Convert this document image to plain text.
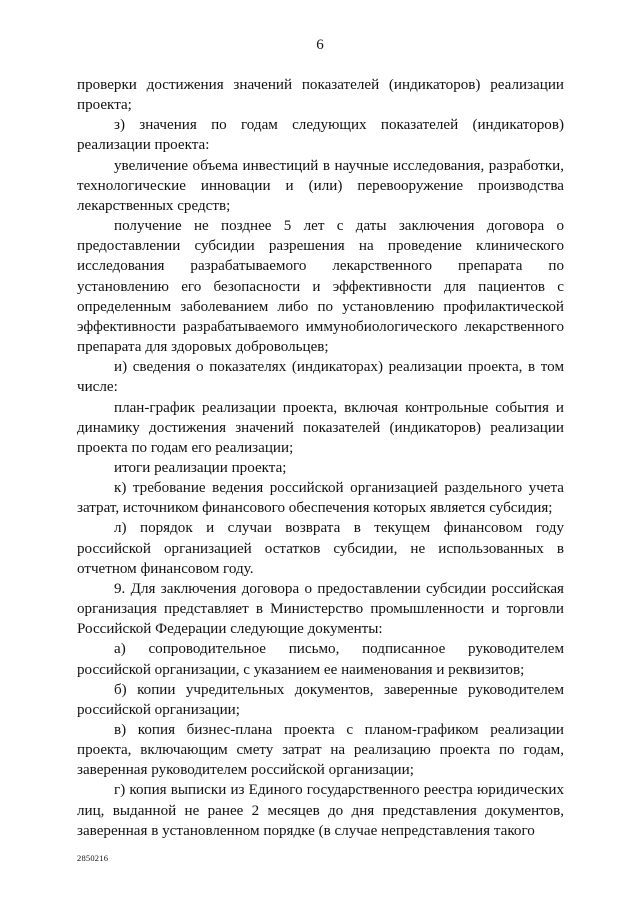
6

проверки достижения значений показателей (индикаторов) реализации проекта;

з) значения по годам следующих показателей (индикаторов) реализации проекта:

увеличение объема инвестиций в научные исследования, разработки, технологические инновации и (или) перевооружение производства лекарственных средств;

получение не позднее 5 лет с даты заключения договора о предоставлении субсидии разрешения на проведение клинического исследования разрабатываемого лекарственного препарата по установлению его безопасности и эффективности для пациентов с определенным заболеванием либо по установлению профилактической эффективности разрабатываемого иммунобиологического лекарственного препарата для здоровых добровольцев;

и) сведения о показателях (индикаторах) реализации проекта, в том числе:

план-график реализации проекта, включая контрольные события и динамику достижения значений показателей (индикаторов) реализации проекта по годам его реализации;

итоги реализации проекта;

к) требование ведения российской организацией раздельного учета затрат, источником финансового обеспечения которых является субсидия;

л) порядок и случаи возврата в текущем финансовом году российской организацией остатков субсидии, не использованных в отчетном финансовом году.

9. Для заключения договора о предоставлении субсидии российская организация представляет в Министерство промышленности и торговли Российской Федерации следующие документы:

а) сопроводительное письмо, подписанное руководителем российской организации, с указанием ее наименования и реквизитов;

б) копии учредительных документов, заверенные руководителем российской организации;

в) копия бизнес-плана проекта с планом-графиком реализации проекта, включающим смету затрат на реализацию проекта по годам, заверенная руководителем российской организации;

г) копия выписки из Единого государственного реестра юридических лиц, выданной не ранее 2 месяцев до дня представления документов, заверенная в установленном порядке (в случае непредставления такого

2850216
